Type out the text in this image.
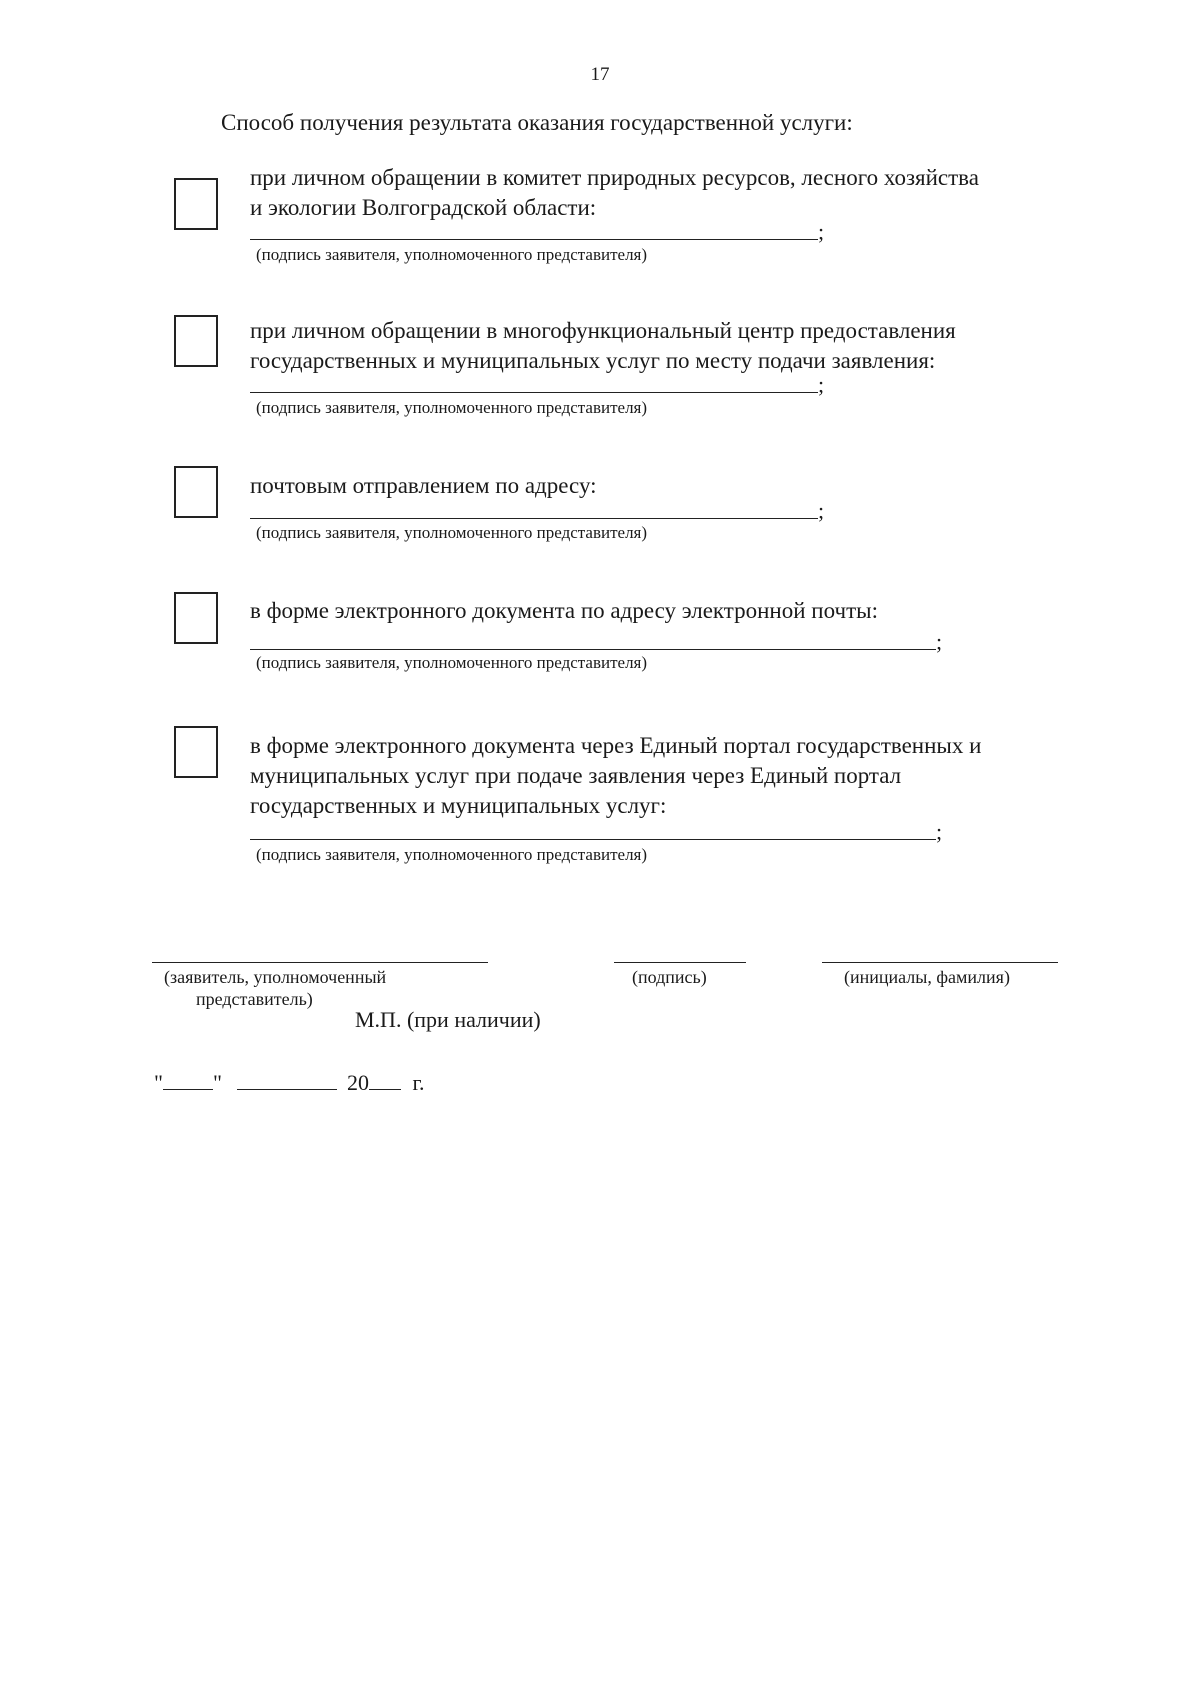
17
Способ получения результата оказания государственной услуги:
при личном обращении в комитет природных ресурсов, лесного хозяйства
и экологии Волгоградской области:
;
(подпись заявителя, уполномоченного представителя)
при личном обращении в многофункциональный центр предоставления
государственных и муниципальных услуг по месту подачи заявления:
;
(подпись заявителя, уполномоченного представителя)
почтовым отправлением по адресу:
;
(подпись заявителя, уполномоченного представителя)
в форме электронного документа по адресу электронной почты:
;
(подпись заявителя, уполномоченного представителя)
в форме электронного документа через Единый портал государственных и
муниципальных услуг при подаче заявления через Единый портал
государственных и муниципальных услуг:
;
(подпись заявителя, уполномоченного представителя)
(заявитель, уполномоченный
представитель)
(подпись)	(инициалы, фамилия)
М.П. (при наличии)
" "	20 г.
